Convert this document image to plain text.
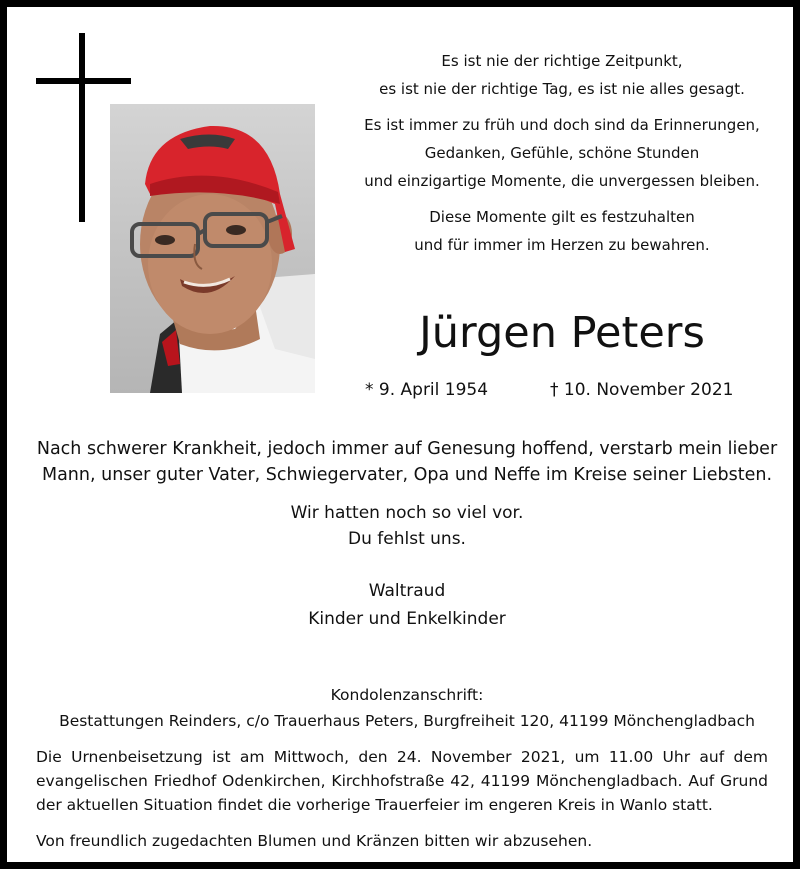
Es ist nie der richtige Zeitpunkt,
es ist nie der richtige Tag, es ist nie alles gesagt.

Es ist immer zu früh und doch sind da Erinnerungen,
Gedanken, Gefühle, schöne Stunden
und einzigartige Momente, die unvergessen bleiben.

Diese Momente gilt es festzuhalten
und für immer im Herzen zu bewahren.

Jürgen Peters
* 9. April 1954	† 10. November 2021
Nach schwerer Krankheit, jedoch immer auf Genesung hoffend, verstarb mein lieber
Mann, unser guter Vater, Schwiegervater, Opa und Neffe im Kreise seiner Liebsten.
Wir hatten noch so viel vor.
Du fehlst uns.
Waltraud
Kinder und Enkelkinder
Kondolenzanschrift:
Bestattungen Reinders, c/o Trauerhaus Peters, Burgfreiheit 120, 41199 Mönchengladbach
Die Urnenbeisetzung ist am Mittwoch, den 24. November 2021, um 11.00 Uhr auf dem evangelischen Friedhof Odenkirchen, Kirchhofstraße 42, 41199 Mönchengladbach. Auf Grund der aktuellen Situation findet die vorherige Trauerfeier im engeren Kreis in Wanlo statt.
Von freundlich zugedachten Blumen und Kränzen bitten wir abzusehen.
